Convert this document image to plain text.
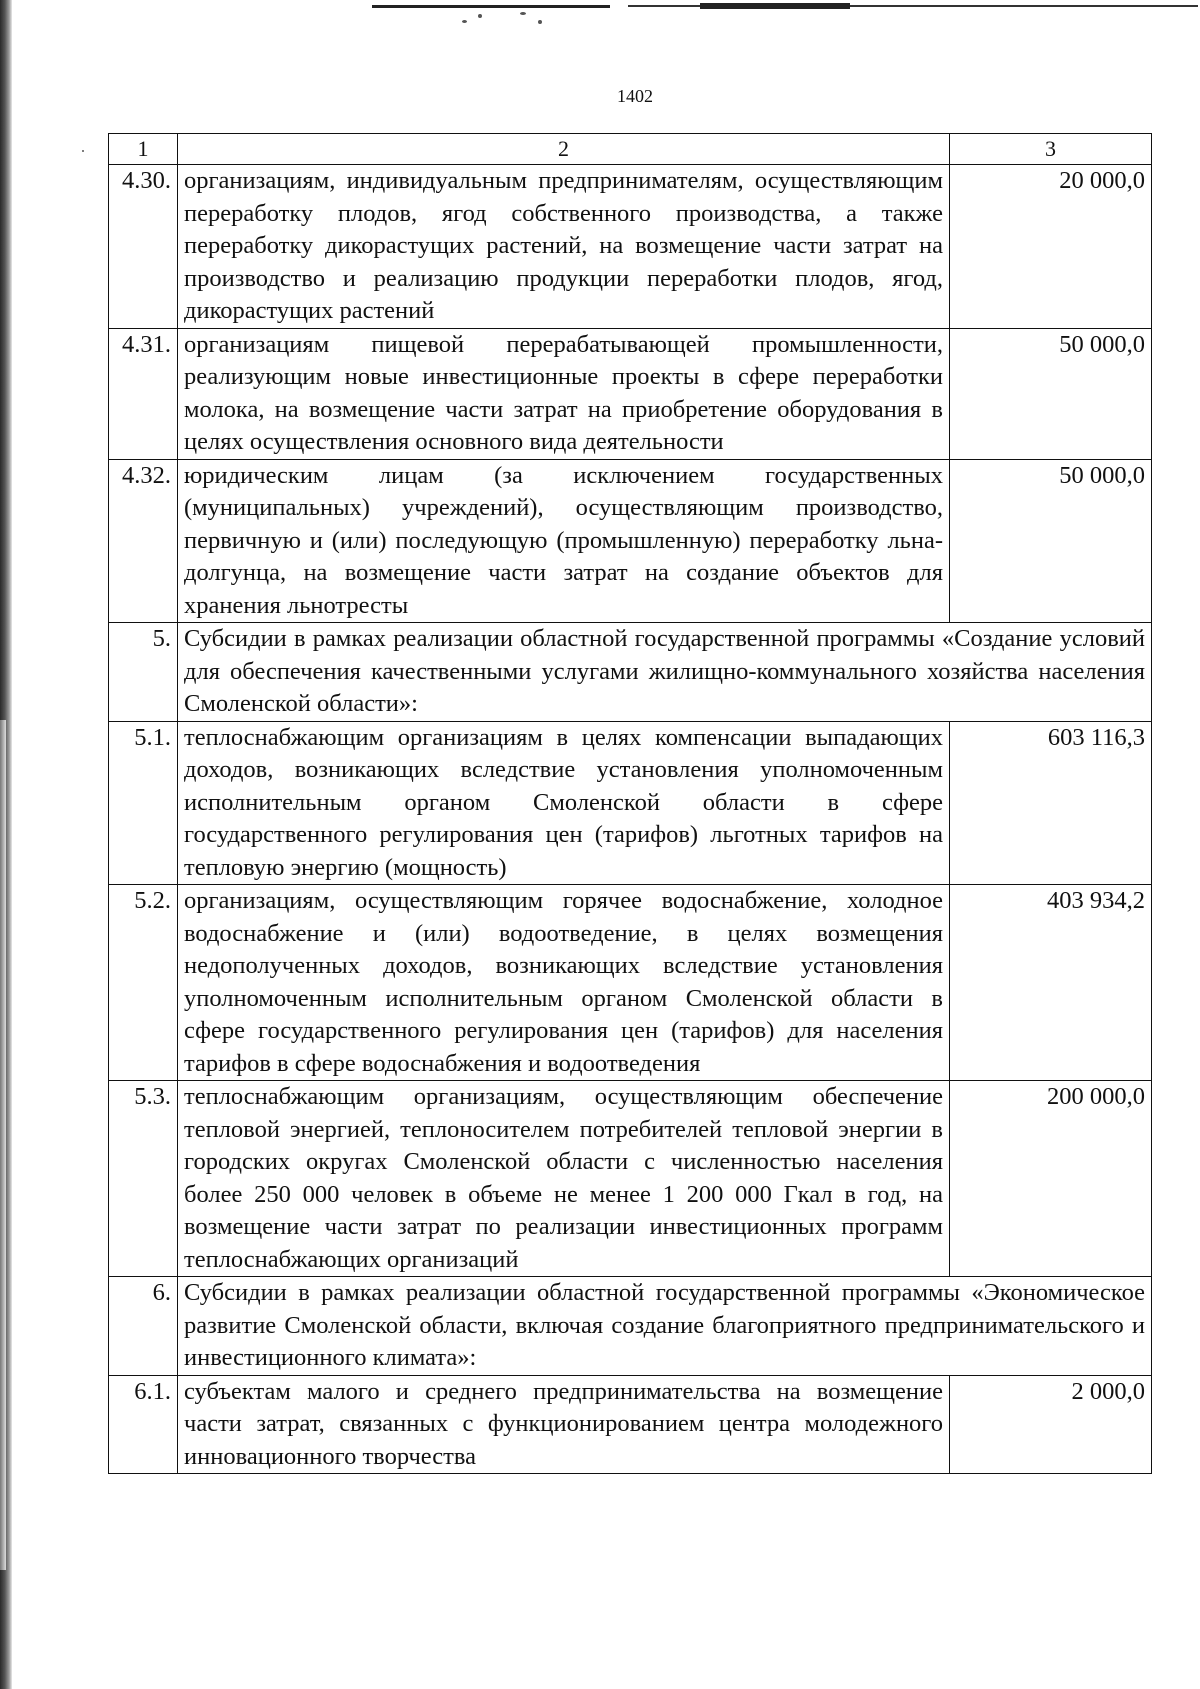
1402
1	2	3
4.30.	организациям, индивидуальным предпринимателям, осуществляющим переработку плодов, ягод собственного производства, а также переработку дикорастущих растений, на возмещение части затрат на производство и реализацию продукции переработки плодов, ягод, дикорастущих растений	20 000,0
4.31.	организациям пищевой перерабатывающей промышленности, реализующим новые инвестиционные проекты в сфере переработки молока, на возмещение части затрат на приобретение оборудования в целях осуществления основного вида деятельности	50 000,0
4.32.	юридическим лицам (за исключением государственных (муниципальных) учреждений), осуществляющим производство, первичную и (или) последующую (промышленную) переработку льна-долгунца, на возмещение части затрат на создание объектов для хранения льнотресты	50 000,0
5.	Субсидии в рамках реализации областной государственной программы «Создание условий для обеспечения качественными услугами жилищно-коммунального хозяйства населения Смоленской области»:	
5.1.	теплоснабжающим организациям в целях компенсации выпадающих доходов, возникающих вследствие установления уполномоченным исполнительным органом Смоленской области в сфере государственного регулирования цен (тарифов) льготных тарифов на тепловую энергию (мощность)	603 116,3
5.2.	организациям, осуществляющим горячее водоснабжение, холодное водоснабжение и (или) водоотведение, в целях возмещения недополученных доходов, возникающих вследствие установления уполномоченным исполнительным органом Смоленской области в сфере государственного регулирования цен (тарифов) для населения тарифов в сфере водоснабжения и водоотведения	403 934,2
5.3.	теплоснабжающим организациям, осуществляющим обеспечение тепловой энергией, теплоносителем потребителей тепловой энергии в городских округах Смоленской области с численностью населения более 250 000 человек в объеме не менее 1 200 000 Гкал в год, на возмещение части затрат по реализации инвестиционных программ теплоснабжающих организаций	200 000,0
6.	Субсидии в рамках реализации областной государственной программы «Экономическое развитие Смоленской области, включая создание благоприятного предпринимательского и инвестиционного климата»:	
6.1.	субъектам малого и среднего предпринимательства на возмещение части затрат, связанных с функционированием центра молодежного инновационного творчества	2 000,0
